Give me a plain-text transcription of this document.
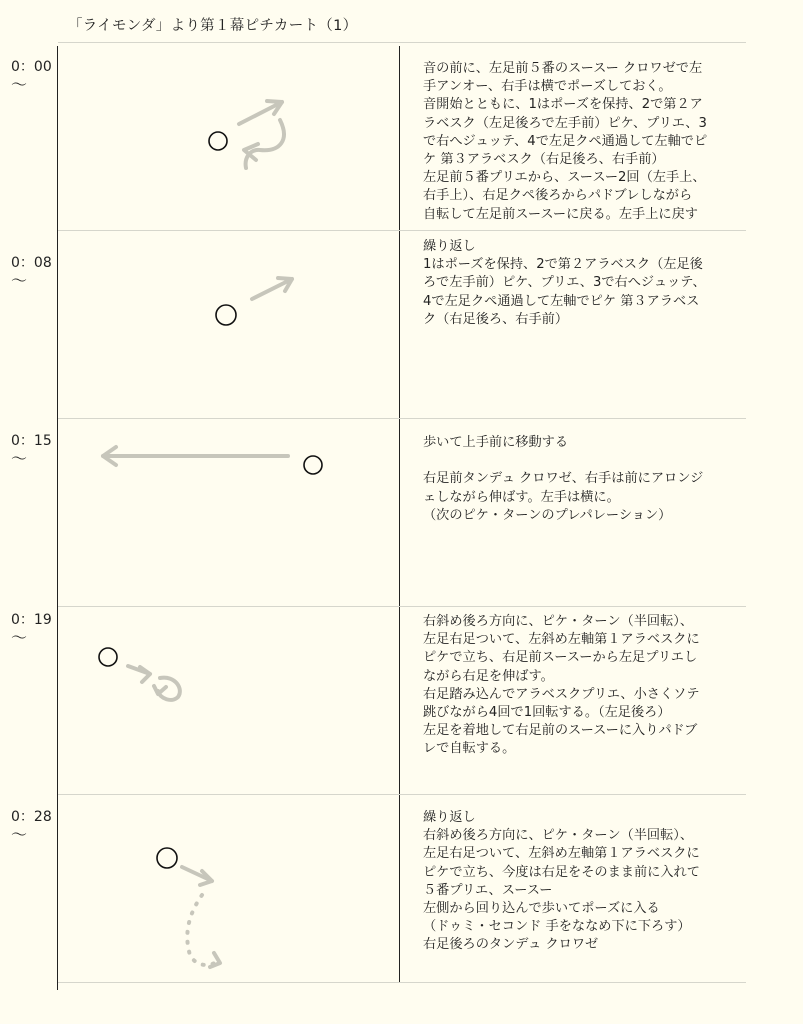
「ライモンダ」より第１幕ピチカート（1）
0：00
〜
音の前に、左足前５番のスースー クロワゼで左
手アンオー、右手は横でポーズしておく。
音開始とともに、1はポーズを保持、2で第２ア
ラベスク（左足後ろで左手前）ピケ、プリエ、3
で右へジュッテ、4で左足クペ通過して左軸でピ
ケ 第３アラベスク（右足後ろ、右手前）
左足前５番プリエから、スースー2回（左手上、
右手上）、右足クペ後ろからパドブレしながら
自転して左足前スースーに戻る。左手上に戻す
0：08
〜
繰り返し
1はポーズを保持、2で第２アラベスク（左足後
ろで左手前）ピケ、プリエ、3で右へジュッテ、
4で左足クペ通過して左軸でピケ 第３アラベス
ク（右足後ろ、右手前）
0：15
〜
歩いて上手前に移動する
右足前タンデュ クロワゼ、右手は前にアロンジ
ェしながら伸ばす。左手は横に。
（次のピケ・ターンのプレパレーション）
0：19
〜
右斜め後ろ方向に、ピケ・ターン（半回転）、
左足右足ついて、左斜め左軸第１アラベスクに
ピケで立ち、右足前スースーから左足プリエし
ながら右足を伸ばす。
右足踏み込んでアラベスクプリエ、小さくソテ
跳びながら4回で1回転する。（左足後ろ）
左足を着地して右足前のスースーに入りパドブ
レで自転する。
0：28
〜
繰り返し
右斜め後ろ方向に、ピケ・ターン（半回転）、
左足右足ついて、左斜め左軸第１アラベスクに
ピケで立ち、今度は右足をそのまま前に入れて
５番プリエ、スースー
左側から回り込んで歩いてポーズに入る
（ドゥミ・セコンド 手をななめ下に下ろす）
右足後ろのタンデュ クロワゼ
